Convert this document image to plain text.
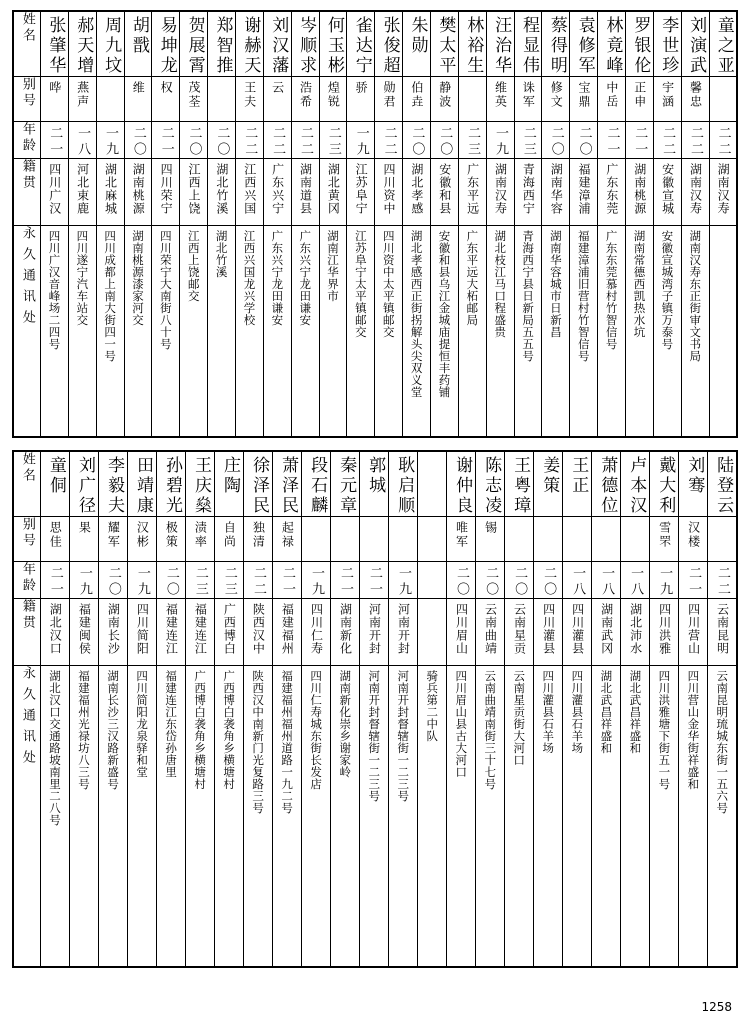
姓名	张肇华	郝天增	周九坟	胡戬	易坤龙	贺展霄	郑智推	谢赫天	刘汉藩	岑顺求	何玉彬	雀达宁	张俊超	朱勋	樊太平	林裕生	汪治华	程显伟	蔡得明	袁修军	林竟峰	罗银伦	李世珍	刘演武	童之亚

别号	哗	燕声		维	权	茂荃		王夫	云	浩希	煌锐	骄	勋君	伯垚	静波		维英	诛军	修文	宝鼎	中岳	正申	宇涵	馨忠	

年龄	二一	一八	一九	二〇	二一	二〇	二〇	二二	二二	二二	二三	一九	二二	二〇	二〇	二三	一九	二三	二〇	二〇	二一	二一	二二	二二	二二

籍贯	四川广汉	河北束鹿	湖北麻城	湖南桃源	四川荣宁	江西上饶	湖北竹溪	江西兴国	广东兴宁	湖南道县	湖北黄冈	江苏阜宁	四川资中	湖北孝感	安徽和县	广东平远	湖南汉寿	青海西宁	湖南华容	福建漳浦	广东东莞	湖南桃源	安徽宣城	湖南汉寿	湖南汉寿

永久通讯处	四川广汉音峰场二四号	四川遂宁汽车站交	四川成都上南大街四一号	湖南桃源漆家河交	四川荣宁大南街八十号	江西上饶邮交	湖北竹溪	江西兴国龙兴学校	广东兴宁龙田谦安	广东兴宁龙田谦安	湖南江华界市	江苏阜宁太平镇邮交	四川资中太平镇邮交	湖北孝感西正街拐解头尖双义堂	安徽和县乌江金城庙提恒丰药铺	广东平远大柘邮局	湖北枝江马口程盛贵	青海西宁县日新局五五号	湖南华容城市日新昌	福建漳浦旧营村竹智信号	广东东莞慕村竹智信号	湖南常德西凯热水坑	安徽宣城湾子镇万泰号	湖南汉寿东正街审文书局	

姓名	童侗	刘广径	李毅夫	田靖康	孙碧光	王庆燊	庄陶	徐泽民	萧泽民	段石麟	秦元章	郭城	耿启顺		谢仲良	陈志凌	王粤璋	姜策	王正	萧德位	卢本汉	戴大利	刘骞	陆登云

别号	思佳	果	耀军	汉彬	极策	渍率	自尚	独清	起禄						唯军	锡						雪罘	汉楼	

年龄	二一	一九	二〇	一九	二〇	二三	二三	二二	二一	一九	二一	二一	一九		二〇	二〇	二〇	二〇	一八	一八	一八	一九	二一	二二

籍贯	湖北汉口	福建闽侯	湖南长沙	四川简阳	福建连江	福建连江	广西博白	陕西汉中	福建福州	四川仁寿	湖南新化	河南开封	河南开封		四川眉山	云南曲靖	云南星贡	四川灌县	四川灌县	湖南武冈	湖北沛水	四川洪雅	四川营山	云南昆明

永久通讯处	湖北汉口交通路坡南里二八号	福建福州光禄坊八三号	湖南长沙三汉路新盛号	四川简阳龙泉驿和堂	福建连江东岱孙唐里	广西博白袭角乡横塘村	广西博白袭角乡横塘村	陕西汉中南新门光复路三号	福建福州福州道路一九二号	四川仁寿城东街长发店	湖南新化崇乡谢家岭	河南开封督辖街一二三号	河南开封督辖街一二三号	骑兵第二中队	四川眉山县古大河口	云南曲靖南街三十七号	云南星贡街大河口	四川灌县石羊场	四川灌县石羊场	湖北武昌祥盛和	湖北武昌祥盛和	四川洪雅塘下街五一号	四川营山金华街祥盛和	云南昆明琉城东街一五六号
1258
